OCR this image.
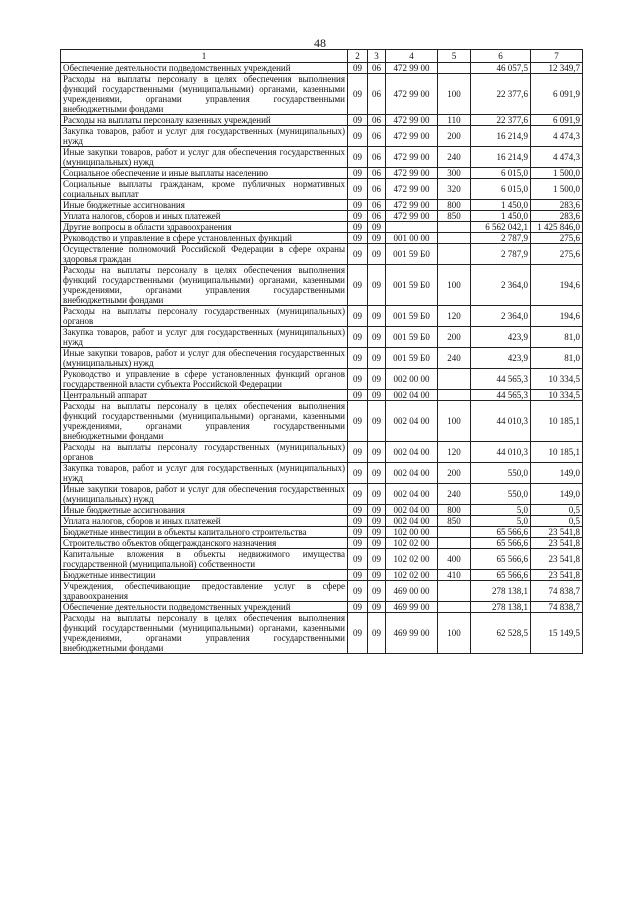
48
1	2	3	4	5	6	7
Обеспечение деятельности подведомственных учреждений	09	06	472 99 00		46 057,5	12 349,7
Расходы на выплаты персоналу в целях обеспечения выполнения функций государственными (муниципальными) органами, казенными учреждениями, органами управления государственными внебюджетными фондами	09	06	472 99 00	100	22 377,6	6 091,9
Расходы на выплаты персоналу казенных учреждений	09	06	472 99 00	110	22 377,6	6 091,9
Закупка товаров, работ и услуг для государственных (муниципальных) нужд	09	06	472 99 00	200	16 214,9	4 474,3
Иные закупки товаров, работ и услуг для обеспечения государственных (муниципальных) нужд	09	06	472 99 00	240	16 214,9	4 474,3
Социальное обеспечение и иные выплаты населению	09	06	472 99 00	300	6 015,0	1 500,0
Социальные выплаты гражданам, кроме публичных нормативных социальных выплат	09	06	472 99 00	320	6 015,0	1 500,0
Иные бюджетные ассигнования	09	06	472 99 00	800	1 450,0	283,6
Уплата налогов, сборов и иных платежей	09	06	472 99 00	850	1 450,0	283,6
Другие вопросы в области здравоохранения	09	09			6 562 042,1	1 425 846,0
Руководство и управление в сфере установленных функций	09	09	001 00 00		2 787,9	275,6
Осуществление полномочий Российской Федерации в сфере охраны здоровья граждан	09	09	001 59 Б0		2 787,9	275,6
Расходы на выплаты персоналу в целях обеспечения выполнения функций государственными (муниципальными) органами, казенными учреждениями, органами управления государственными внебюджетными фондами	09	09	001 59 Б0	100	2 364,0	194,6
Расходы на выплаты персоналу государственных (муниципальных) органов	09	09	001 59 Б0	120	2 364,0	194,6
Закупка товаров, работ и услуг для государственных (муниципальных) нужд	09	09	001 59 Б0	200	423,9	81,0
Иные закупки товаров, работ и услуг для обеспечения государственных (муниципальных) нужд	09	09	001 59 Б0	240	423,9	81,0
Руководство и управление в сфере установленных функций органов государственной власти субъекта Российской Федерации	09	09	002 00 00		44 565,3	10 334,5
Центральный аппарат	09	09	002 04 00		44 565,3	10 334,5
Расходы на выплаты персоналу в целях обеспечения выполнения функций государственными (муниципальными) органами, казенными учреждениями, органами управления государственными внебюджетными фондами	09	09	002 04 00	100	44 010,3	10 185,1
Расходы на выплаты персоналу государственных (муниципальных) органов	09	09	002 04 00	120	44 010,3	10 185,1
Закупка товаров, работ и услуг для государственных (муниципальных) нужд	09	09	002 04 00	200	550,0	149,0
Иные закупки товаров, работ и услуг для обеспечения государственных (муниципальных) нужд	09	09	002 04 00	240	550,0	149,0
Иные бюджетные ассигнования	09	09	002 04 00	800	5,0	0,5
Уплата налогов, сборов и иных платежей	09	09	002 04 00	850	5,0	0,5
Бюджетные инвестиции в объекты капитального строительства	09	09	102 00 00		65 566,6	23 541,8
Строительство объектов общегражданского назначения	09	09	102 02 00		65 566,6	23 541,8
Капитальные вложения в объекты недвижимого имущества государственной (муниципальной) собственности	09	09	102 02 00	400	65 566,6	23 541,8
Бюджетные инвестиции	09	09	102 02 00	410	65 566,6	23 541,8
Учреждения, обеспечивающие предоставление услуг в сфере здравоохранения	09	09	469 00 00		278 138,1	74 838,7
Обеспечение деятельности подведомственных учреждений	09	09	469 99 00		278 138,1	74 838,7
Расходы на выплаты персоналу в целях обеспечения выполнения функций государственными (муниципальными) органами, казенными учреждениями, органами управления государственными внебюджетными фондами	09	09	469 99 00	100	62 528,5	15 149,5
